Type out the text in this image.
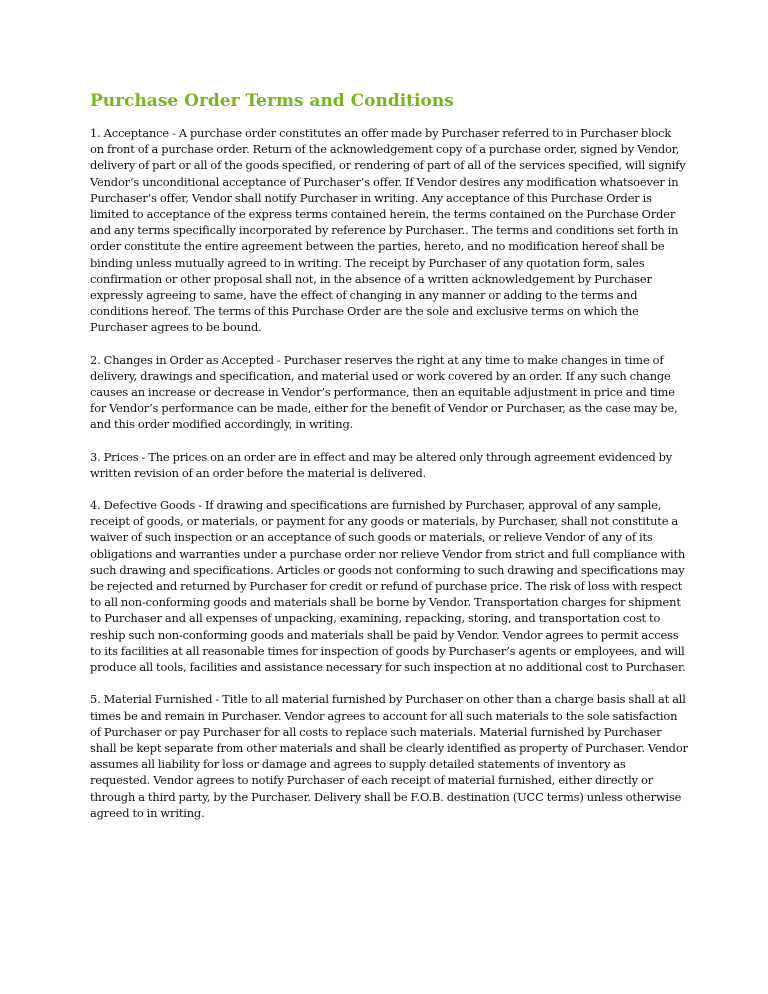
Purchase Order Terms and Conditions

1. Acceptance - A purchase order constitutes an offer made by Purchaser referred to in Purchaser block on front of a purchase order. Return of the acknowledgement copy of a purchase order, signed by Vendor, delivery of part or all of the goods specified, or rendering of part of all of the services specified, will signify Vendor’s unconditional acceptance of Purchaser’s offer. If Vendor desires any modification whatsoever in Purchaser’s offer, Vendor shall notify Purchaser in writing. Any acceptance of this Purchase Order is limited to acceptance of the express terms contained herein, the terms contained on the Purchase Order and any terms specifically incorporated by reference by Purchaser.. The terms and conditions set forth in order constitute the entire agreement between the parties, hereto, and no modification hereof shall be binding unless mutually agreed to in writing. The receipt by Purchaser of any quotation form, sales confirmation or other proposal shall not, in the absence of a written acknowledgement by Purchaser expressly agreeing to same, have the effect of changing in any manner or adding to the terms and conditions hereof. The terms of this Purchase Order are the sole and exclusive terms on which the Purchaser agrees to be bound.

2. Changes in Order as Accepted - Purchaser reserves the right at any time to make changes in time of delivery, drawings and specification, and material used or work covered by an order. If any such change causes an increase or decrease in Vendor’s performance, then an equitable adjustment in price and time for Vendor’s performance can be made, either for the benefit of Vendor or Purchaser, as the case may be, and this order modified accordingly, in writing.

3. Prices - The prices on an order are in effect and may be altered only through agreement evidenced by written revision of an order before the material is delivered.

4. Defective Goods - If drawing and specifications are furnished by Purchaser, approval of any sample, receipt of goods, or materials, or payment for any goods or materials, by Purchaser, shall not constitute a waiver of such inspection or an acceptance of such goods or materials, or relieve Vendor of any of its obligations and warranties under a purchase order nor relieve Vendor from strict and full compliance with such drawing and specifications. Articles or goods not conforming to such drawing and specifications may be rejected and returned by Purchaser for credit or refund of purchase price. The risk of loss with respect to all non-conforming goods and materials shall be borne by Vendor. Transportation charges for shipment to Purchaser and all expenses of unpacking, examining, repacking, storing, and transportation cost to reship such non-conforming goods and materials shall be paid by Vendor. Vendor agrees to permit access to its facilities at all reasonable times for inspection of goods by Purchaser’s agents or employees, and will produce all tools, facilities and assistance necessary for such inspection at no additional cost to Purchaser.

5. Material Furnished - Title to all material furnished by Purchaser on other than a charge basis shall at all times be and remain in Purchaser. Vendor agrees to account for all such materials to the sole satisfaction of Purchaser or pay Purchaser for all costs to replace such materials. Material furnished by Purchaser shall be kept separate from other materials and shall be clearly identified as property of Purchaser. Vendor assumes all liability for loss or damage and agrees to supply detailed statements of inventory as requested. Vendor agrees to notify Purchaser of each receipt of material furnished, either directly or through a third party, by the Purchaser. Delivery shall be F.O.B. destination (UCC terms) unless otherwise agreed to in writing.
